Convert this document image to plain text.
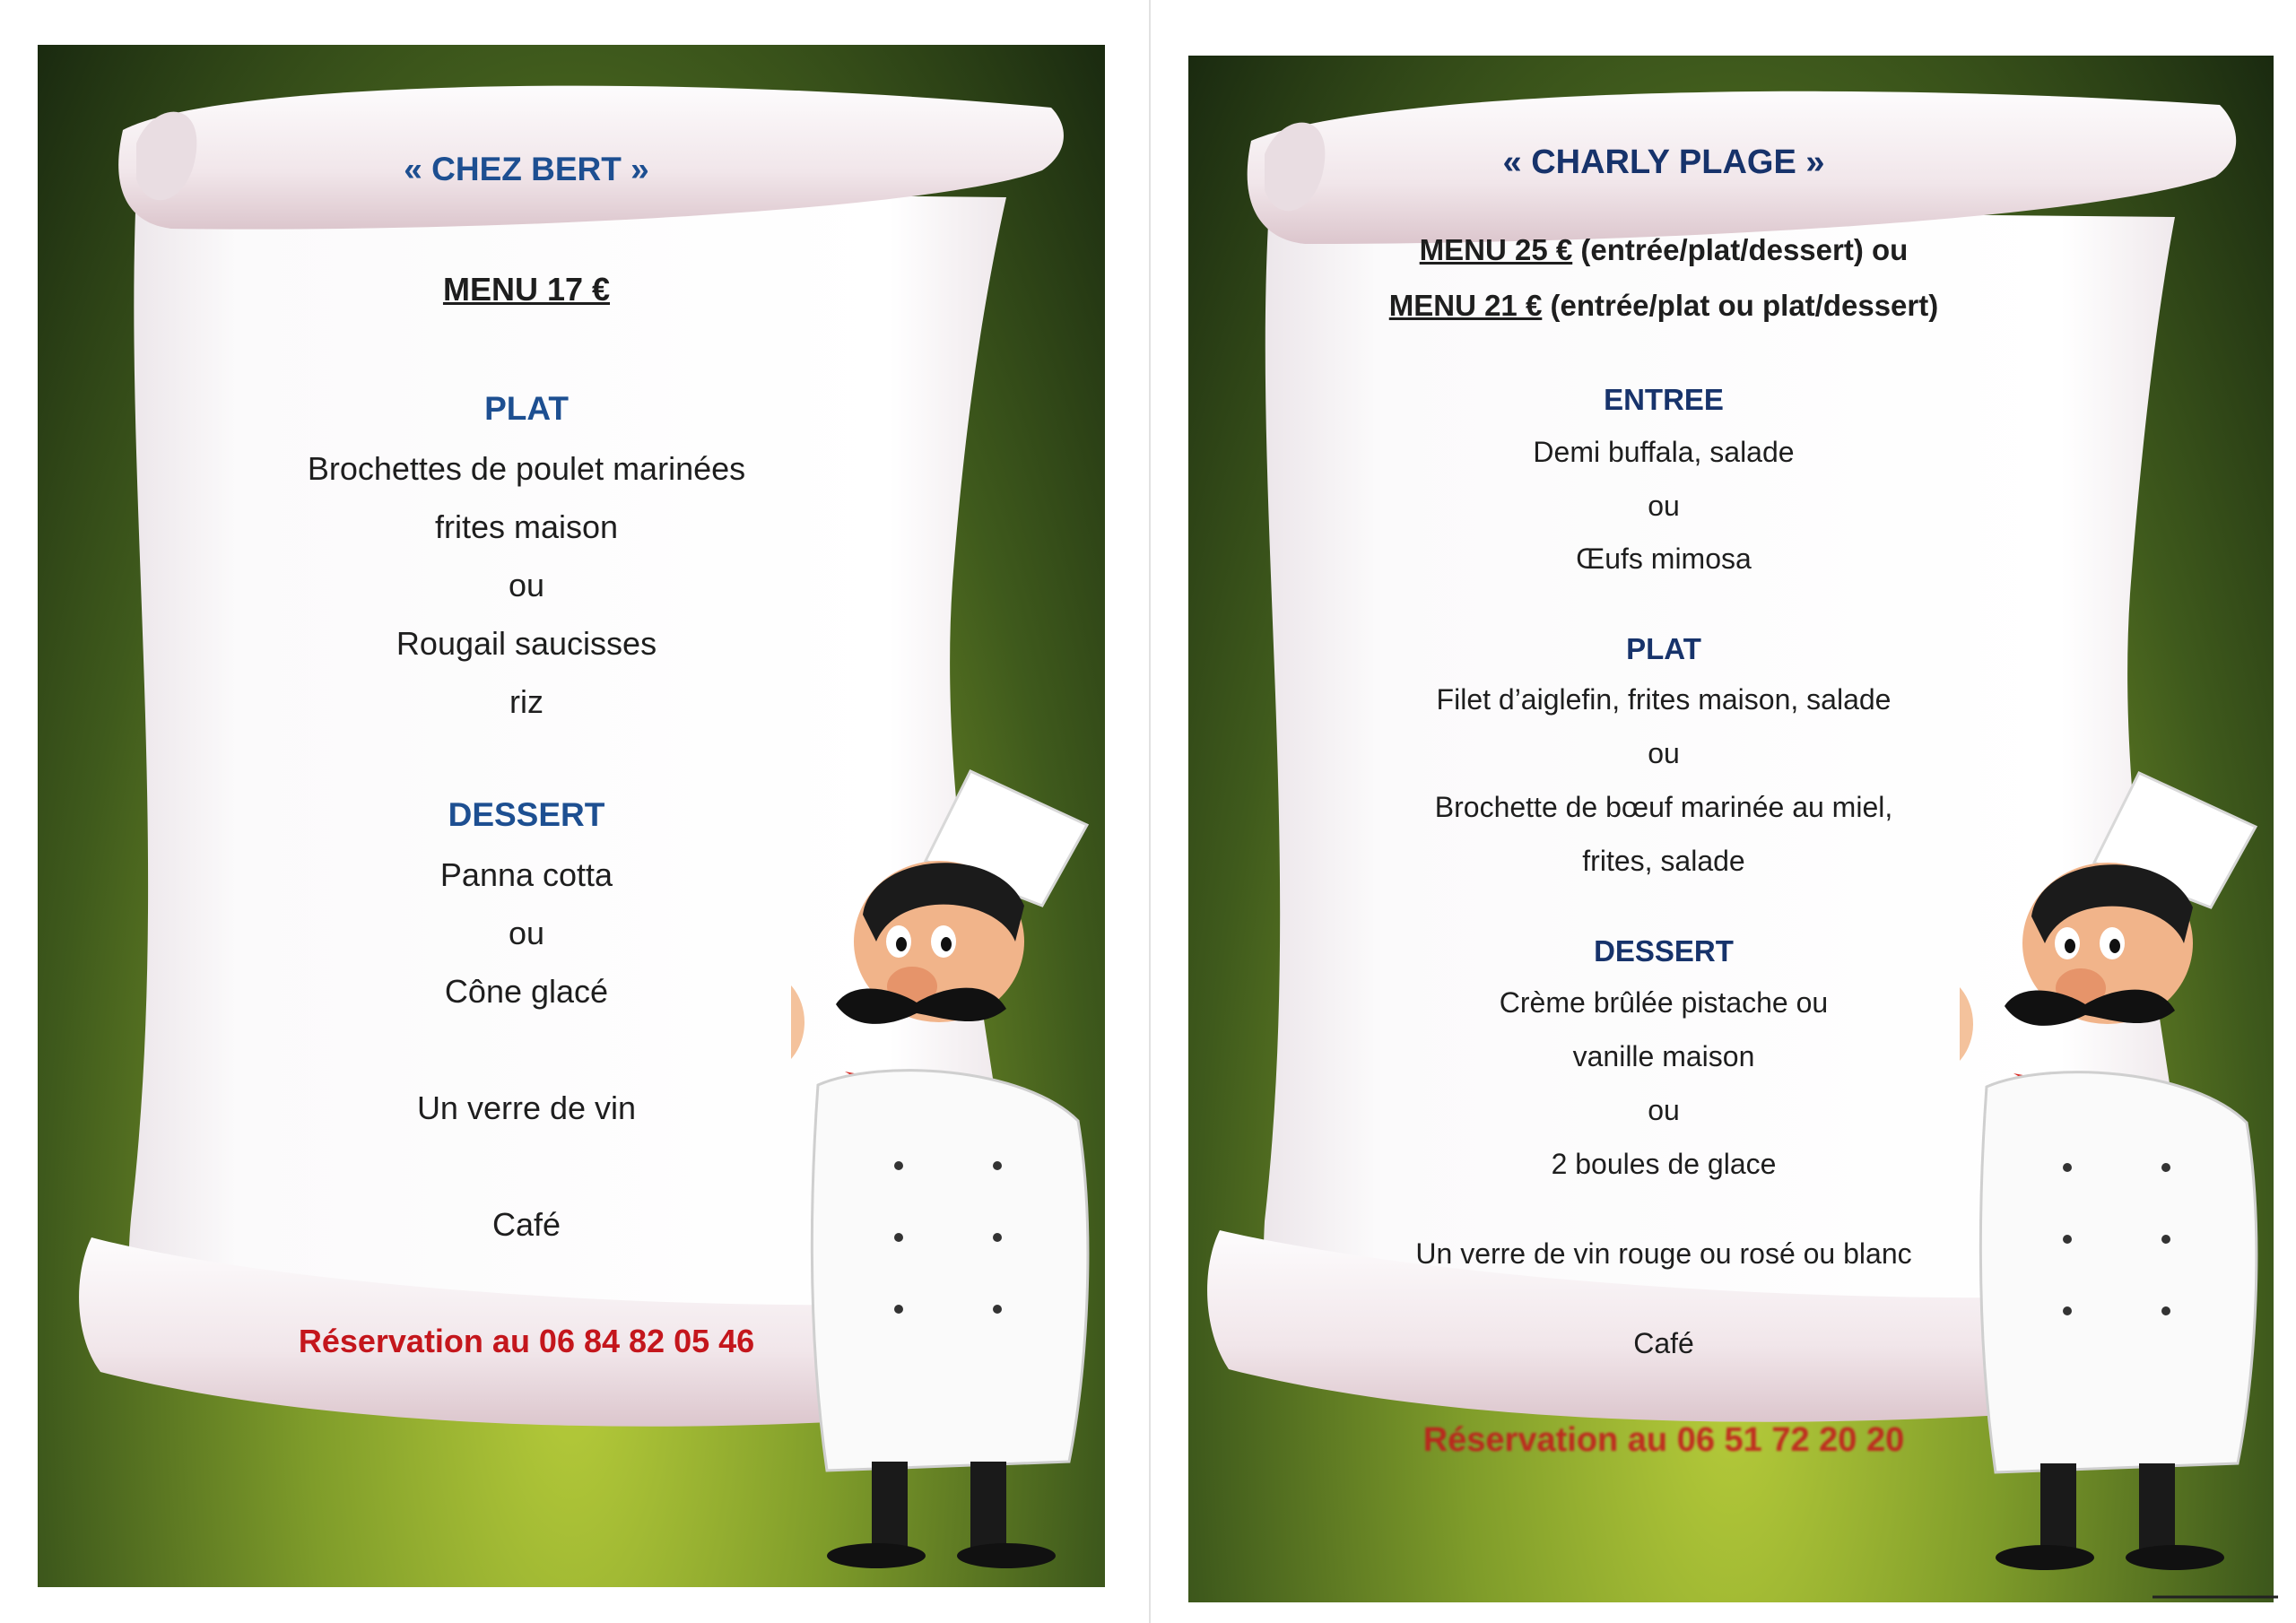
« CHEZ BERT »
MENU 17 €
PLAT
Brochettes de poulet marinées
frites maison
ou
Rougail saucisses
riz
DESSERT
Panna cotta
ou
Cône glacé
Un verre de vin
Café
Réservation au 06 84 82 05 46
« CHARLY PLAGE »
MENU 25 € (entrée/plat/dessert) ou
MENU 21 € (entrée/plat ou plat/dessert)
ENTREE
Demi buffala, salade
ou
Œufs mimosa
PLAT
Filet d’aiglefin, frites maison, salade
ou
Brochette de bœuf marinée au miel,
frites, salade
DESSERT
Crème brûlée pistache ou
vanille maison
ou
2 boules de glace
Un verre de vin rouge ou rosé ou blanc
Café
Réservation au 06 51 72 20 20
